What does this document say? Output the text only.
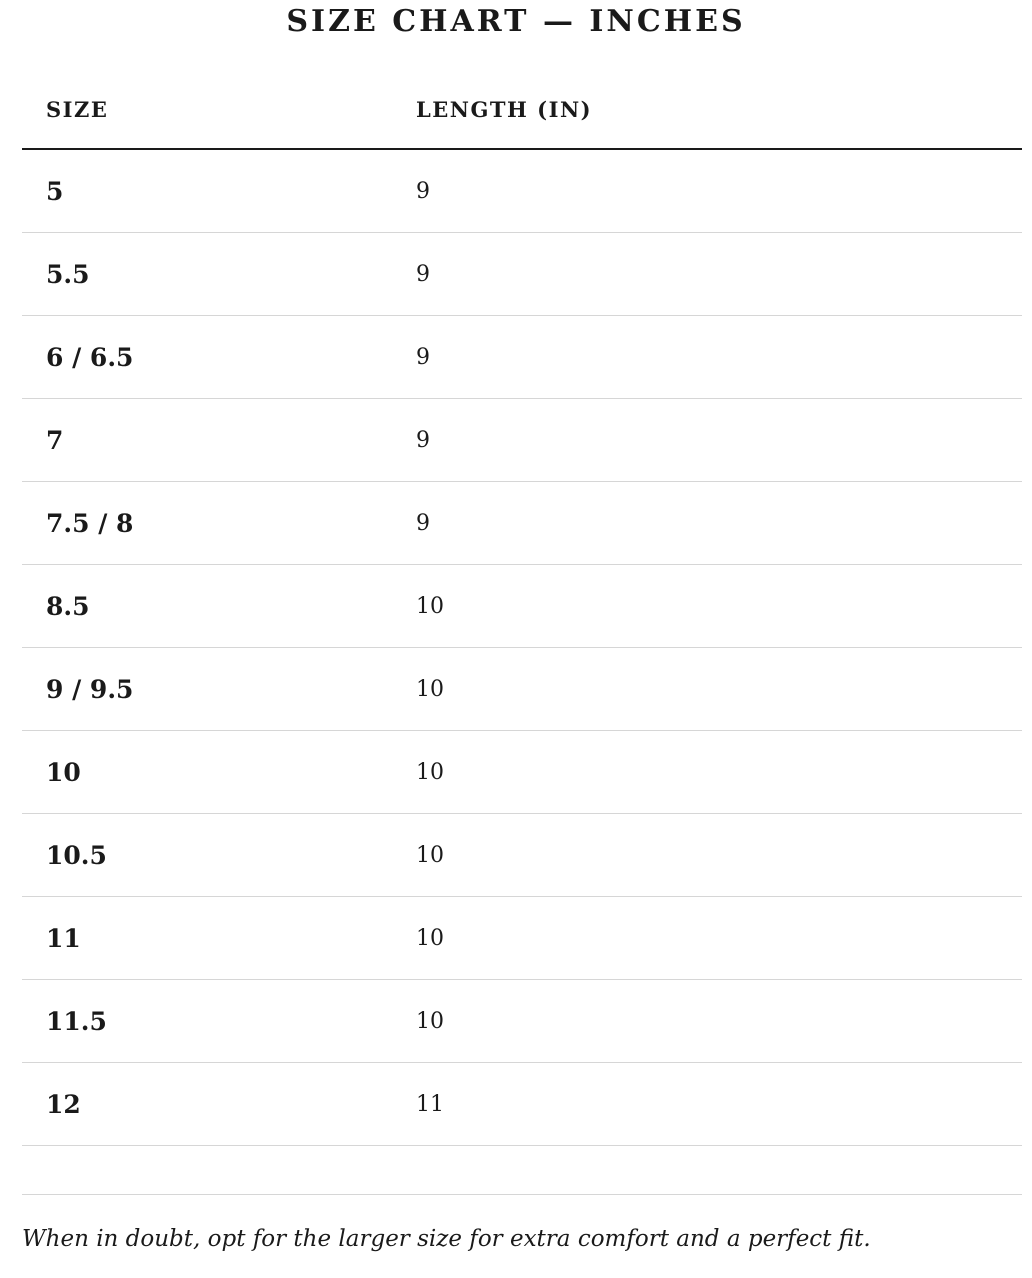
SIZE CHART — INCHES
SIZE	LENGTH (IN)
5	9
5.5	9
6 / 6.5	9
7	9
7.5 / 8	9
8.5	10
9 / 9.5	10
10	10
10.5	10
11	10
11.5	10
12	11

When in doubt, opt for the larger size for extra comfort and a perfect fit.
